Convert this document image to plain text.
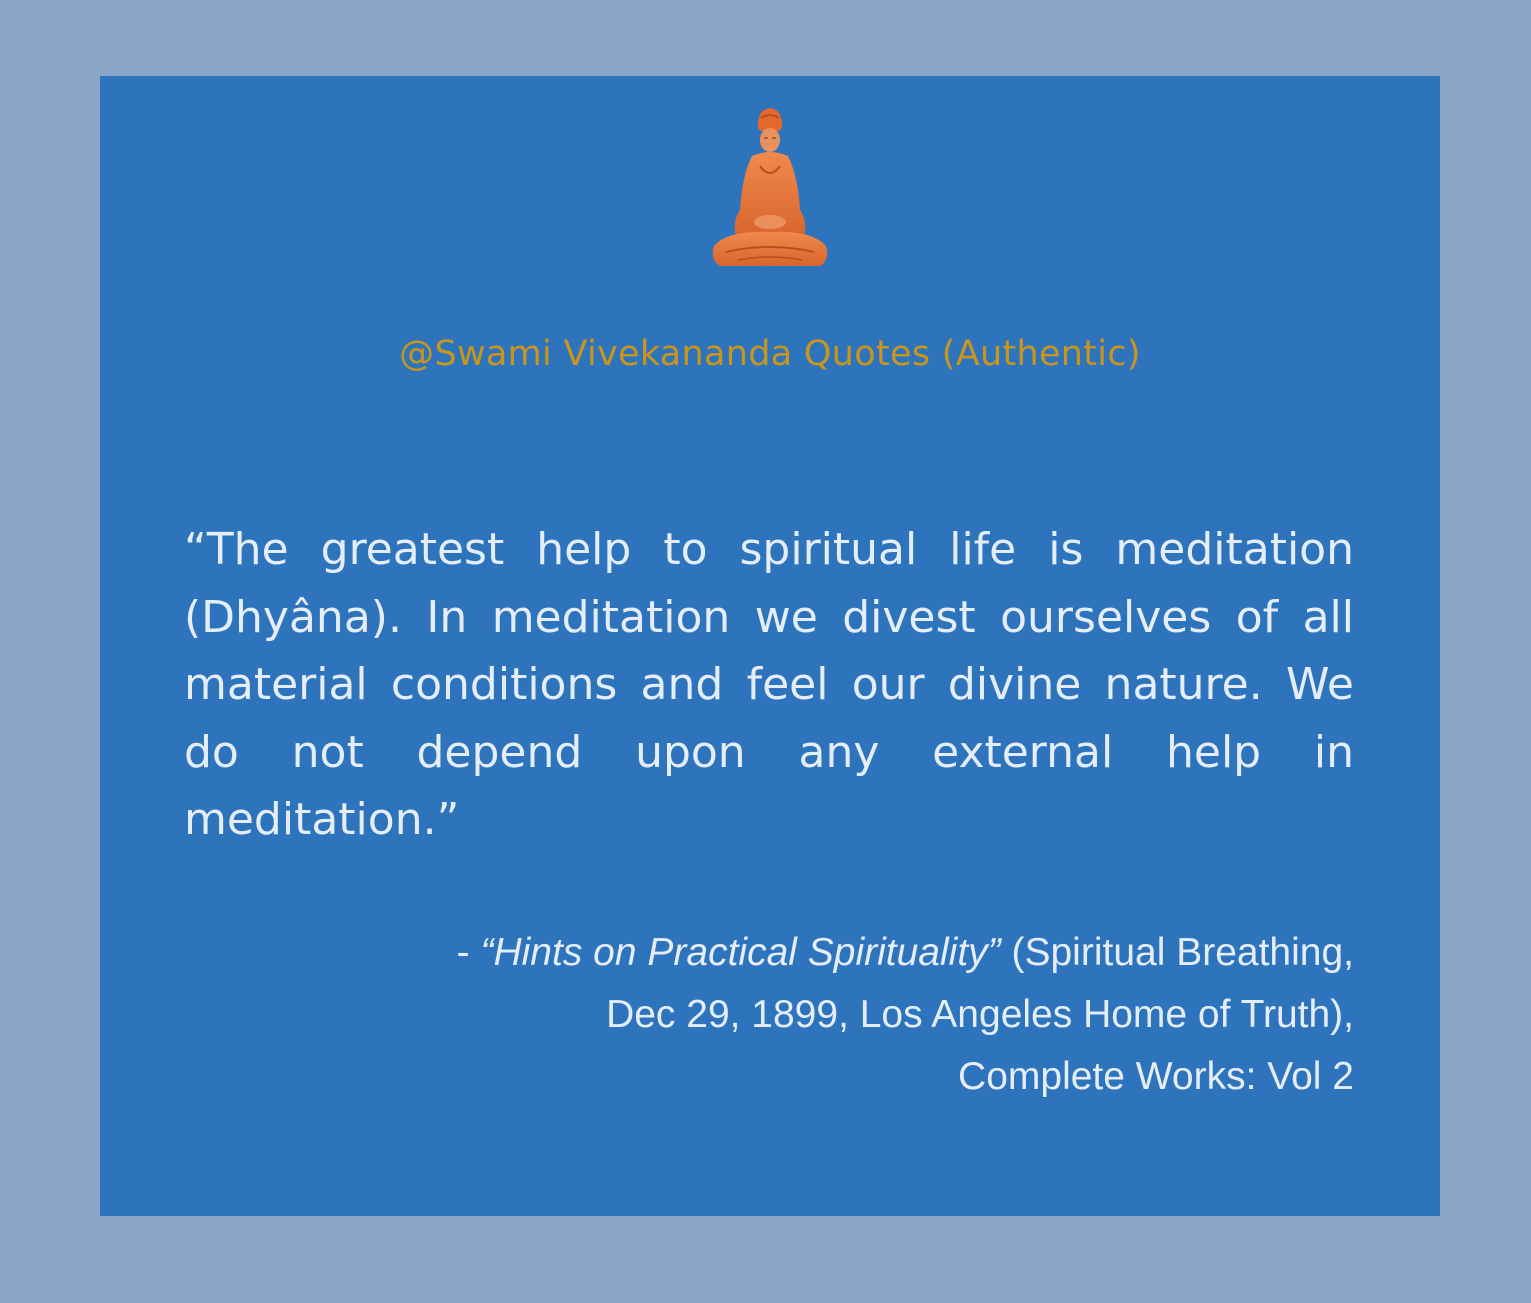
@Swami Vivekananda Quotes (Authentic)
“The greatest help to spiritual life is meditation (Dhyâna). In meditation we divest ourselves of all material conditions and feel our divine nature. We do not depend upon any external help in meditation.”
- “Hints on Practical Spirituality” (Spiritual Breathing,
Dec 29, 1899, Los Angeles Home of Truth),
Complete Works: Vol 2
